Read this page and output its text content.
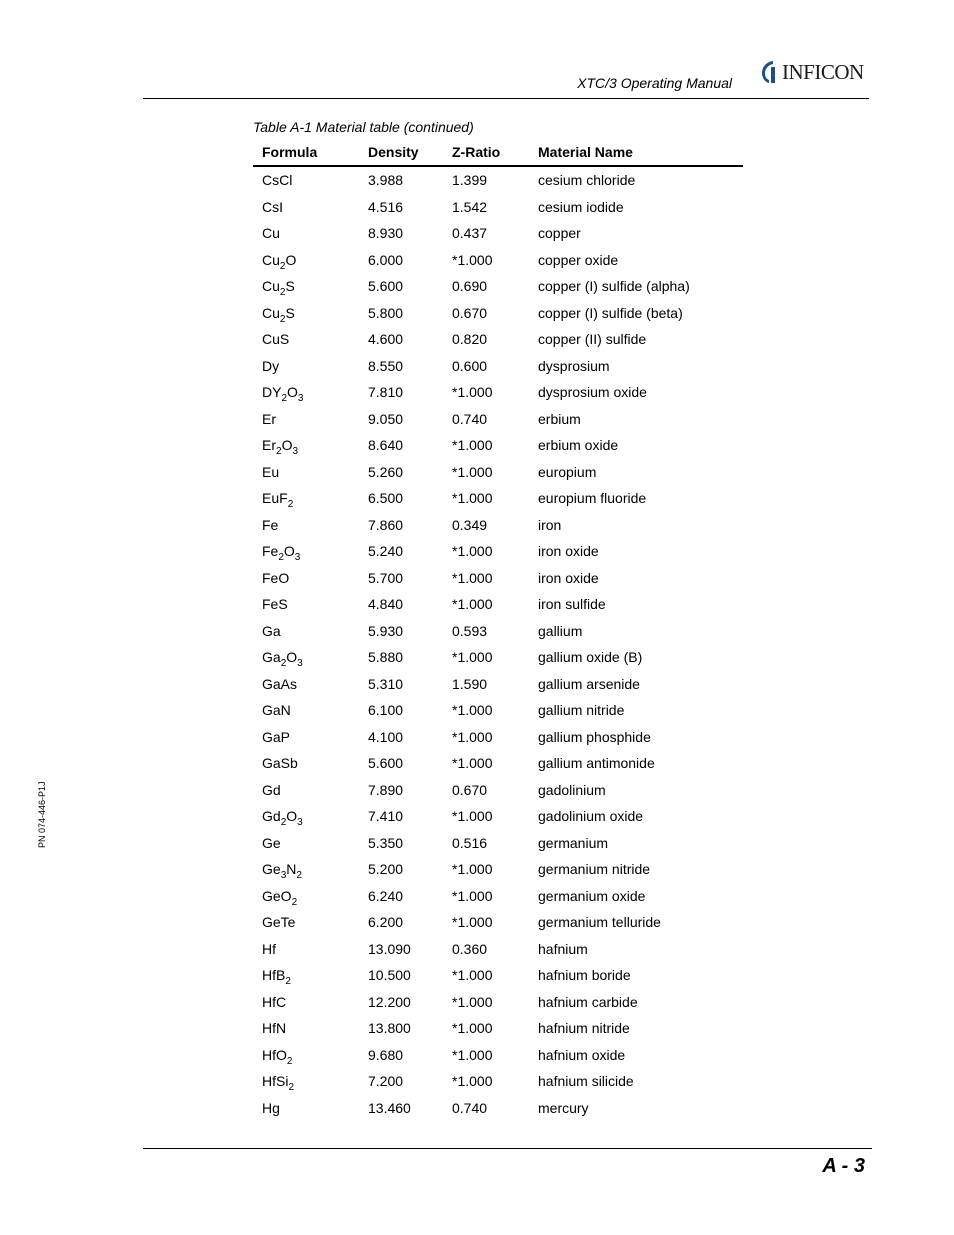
XTC/3 Operating Manual INFICON
Table A-1 Material table (continued)
Formula	Density	Z-Ratio	Material Name
CsCl	3.988	1.399	cesium chloride
CsI	4.516	1.542	cesium iodide
Cu	8.930	0.437	copper
$Cu_2O$	6.000	*1.000	copper oxide
$Cu_2S$	5.600	0.690	copper (I) sulfide (alpha)
$Cu_2S$	5.800	0.670	copper (I) sulfide (beta)
CuS	4.600	0.820	copper (II) sulfide
Dy	8.550	0.600	dysprosium
$DY_2O_3$	7.810	*1.000	dysprosium oxide
Er	9.050	0.740	erbium
$Er_2O_3$	8.640	*1.000	erbium oxide
Eu	5.260	*1.000	europium
EuF$_2$	6.500	*1.000	europium fluoride
Fe	7.860	0.349	iron
$Fe_2O_3$	5.240	*1.000	iron oxide
FeO	5.700	*1.000	iron oxide
FeS	4.840	*1.000	iron sulfide
Ga	5.930	0.593	gallium
$Ga_2O_3$	5.880	*1.000	gallium oxide (B)
GaAs	5.310	1.590	gallium arsenide
GaN	6.100	*1.000	gallium nitride
GaP	4.100	*1.000	gallium phosphide
GaSb	5.600	*1.000	gallium antimonide
Gd	7.890	0.670	gadolinium
$Gd_2O_3$	7.410	*1.000	gadolinium oxide
Ge	5.350	0.516	germanium
$Ge_3N_2$	5.200	*1.000	germanium nitride
GeO$_2$	6.240	*1.000	germanium oxide
GeTe	6.200	*1.000	germanium telluride
Hf	13.090	0.360	hafnium
HfB$_2$	10.500	*1.000	hafnium boride
HfC	12.200	*1.000	hafnium carbide
HfN	13.800	*1.000	hafnium nitride
HfO$_2$	9.680	*1.000	hafnium oxide
HfSi$_2$	7.200	*1.000	hafnium silicide
Hg	13.460	0.740	mercury
PN 074-446-P1J
A - 3
